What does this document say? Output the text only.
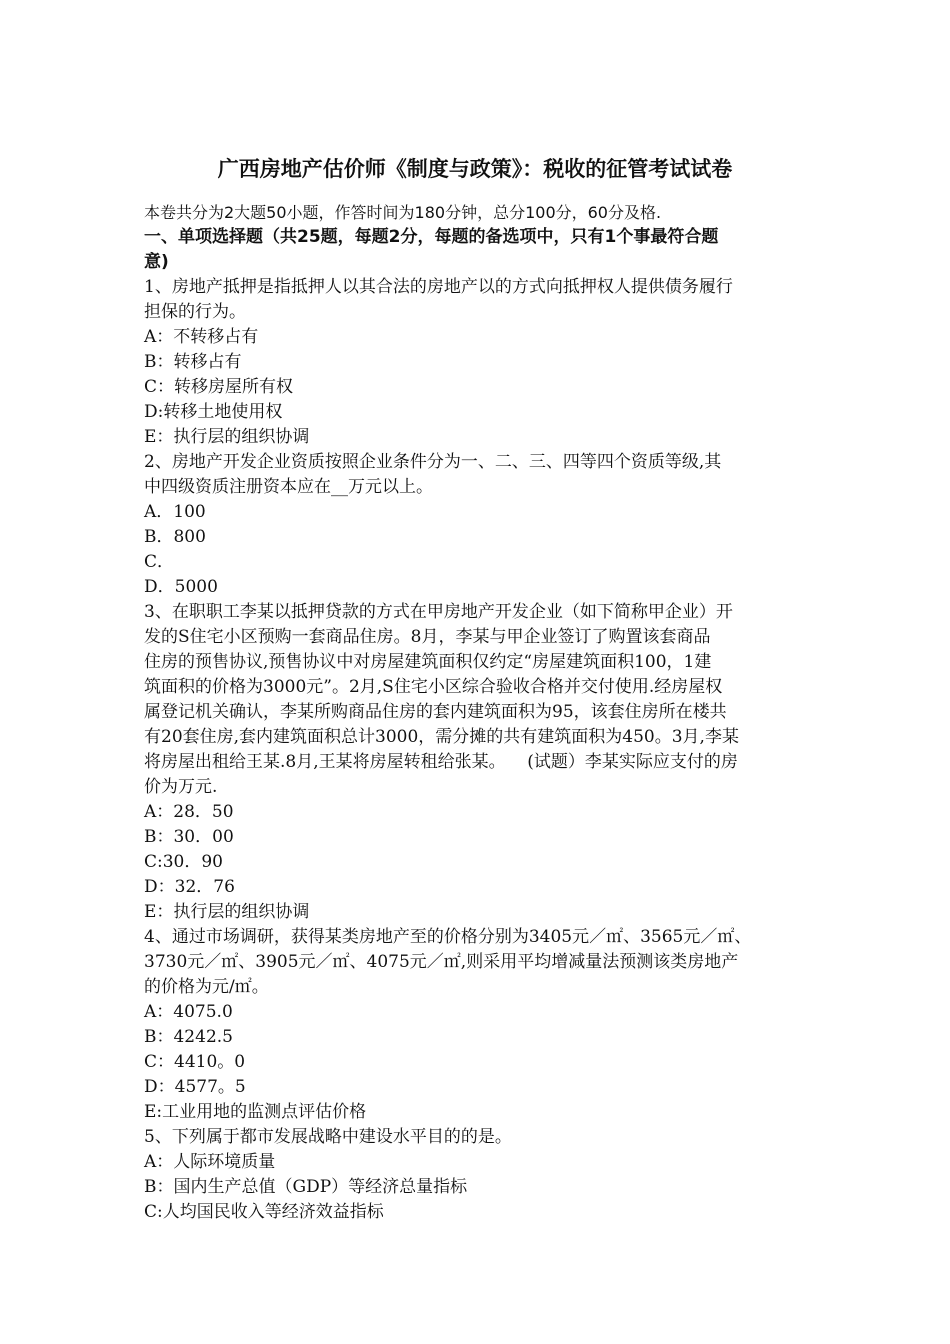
广西房地产估价师《制度与政策》：税收的征管考试试卷
本卷共分为2大题50小题，作答时间为180分钟，总分100分，60分及格.
一、单项选择题（共25题，每题2分，每题的备选项中，只有1个事最符合题
意)
1、房地产抵押是指抵押人以其合法的房地产以的方式向抵押权人提供债务履行
担保的行为。
A：不转移占有
B：转移占有
C：转移房屋所有权
D:转移土地使用权
E：执行层的组织协调
2、房地产开发企业资质按照企业条件分为一、二、三、四等四个资质等级,其
中四级资质注册资本应在__万元以上。
A．100
B．800
C．
D．5000
3、在职职工李某以抵押贷款的方式在甲房地产开发企业（如下简称甲企业）开
发的S住宅小区预购一套商品住房。8月，李某与甲企业签订了购置该套商品
住房的预售协议,预售协议中对房屋建筑面积仅约定“房屋建筑面积100，1建
筑面积的价格为3000元”。2月,S住宅小区综合验收合格并交付使用.经房屋权
属登记机关确认，李某所购商品住房的套内建筑面积为95，该套住房所在楼共
有20套住房,套内建筑面积总计3000，需分摊的共有建筑面积为450。3月,李某
将房屋出租给王某.8月,王某将房屋转租给张某。    (试题）李某实际应支付的房
价为万元.
A：28．50
B：30．00
C:30．90
D：32．76
E：执行层的组织协调
4、通过市场调研，获得某类房地产至的价格分别为3405元／㎡、3565元／㎡、
3730元／㎡、3905元／㎡、4075元／㎡,则采用平均增减量法预测该类房地产
的价格为元/㎡。
A：4075.0
B：4242.5
C：4410。0
D：4577。5
E:工业用地的监测点评估价格
5、下列属于都市发展战略中建设水平目的的是。
A：人际环境质量
B：国内生产总值（GDP）等经济总量指标
C:人均国民收入等经济效益指标
